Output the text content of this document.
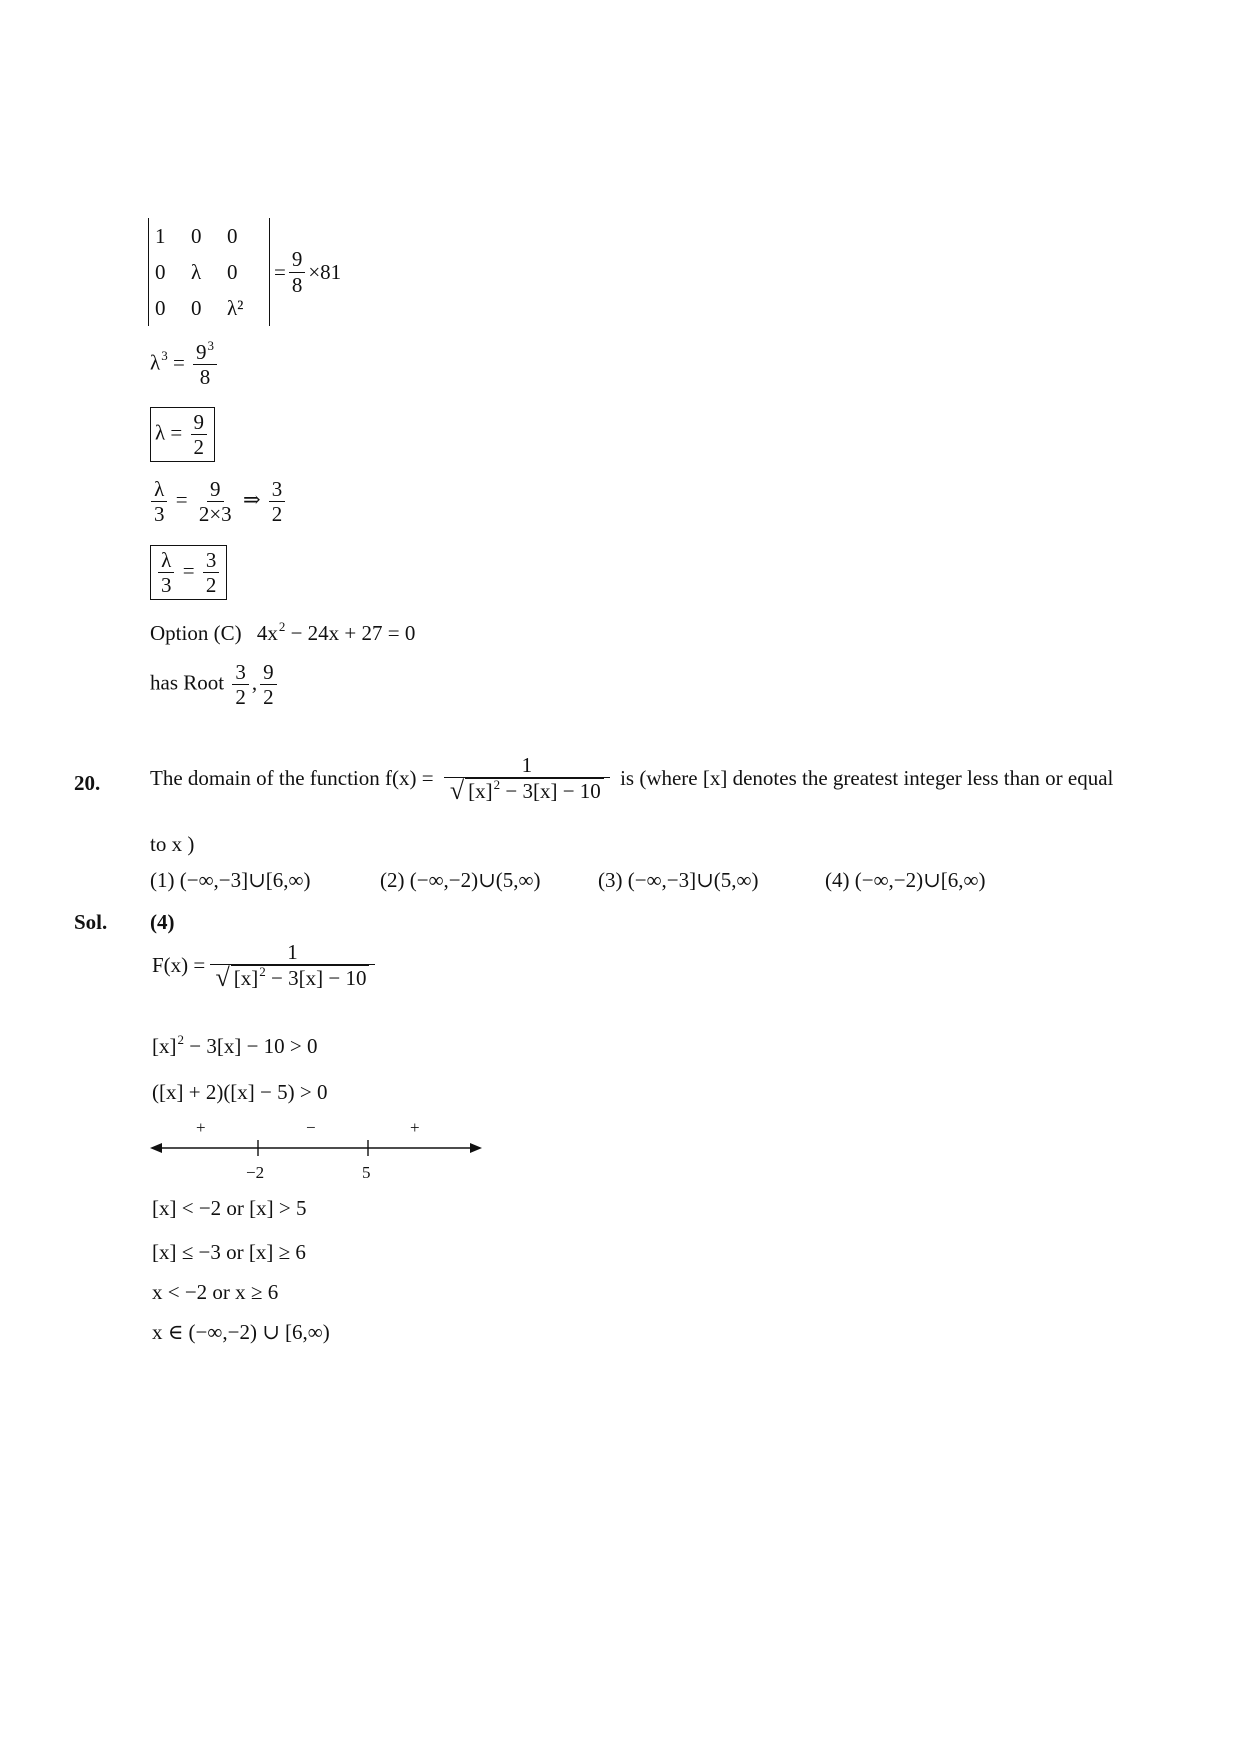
1	0	0
0	λ	0
0	0	λ²
= $\frac{9}{8} \times 81$
$\lambda^3 = \frac{9^3}{8}$
$\lambda = \frac{9}{2}$
$\frac{\lambda}{3} = \frac{9}{2\times 3}$ ⇒ $\frac{3}{2}$
$\frac{\lambda}{3} = \frac{3}{2}$
Option (C) $4x^2 - 24x + 27 = 0$
has Root $\frac{3}{2}$ , $\frac{9}{2}$
20. The domain of the function $f(x) = \frac{1}{√ [x]^2 - 3[x] - 10}$ is (where [x] denotes the greatest integer less than or equal
to x )
(1) (−∞,−3]∪[6,∞)	(2) (−∞,−2)∪(5,∞)	(3) (−∞,−3]∪(5,∞)	(4) (−∞,−2)∪[6,∞)
Sol. (4)
$F(x) = \frac{1}{√ [x]^2 - 3[x] - 10}$
$[x]^2 - 3[x] - 10 > 0$
([x] + 2)([x] − 5) > 0
+	−	+
−2	5
[x] < −2 or [x] > 5
[x] ≤ −3 or [x] ≥ 6
x < −2 or x ≥ 6
x ∈ (−∞,−2) ∪ [6,∞)
